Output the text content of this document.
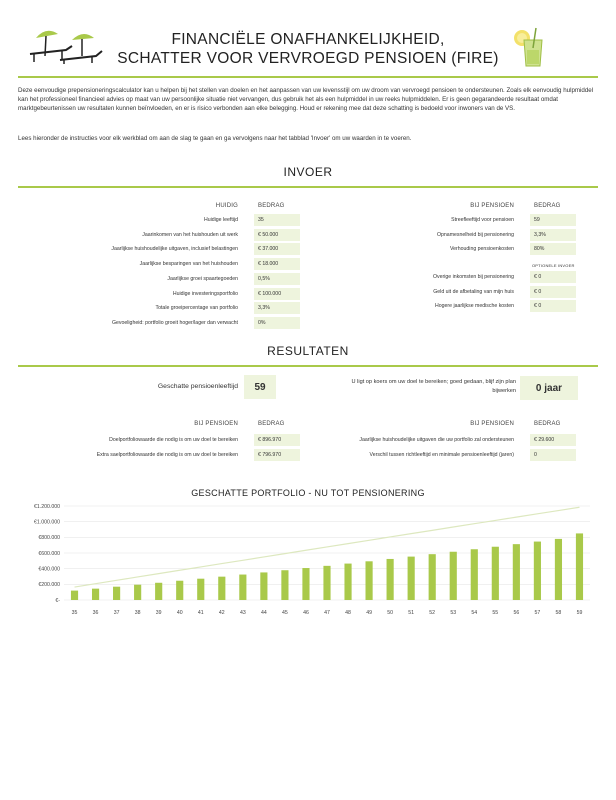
FINANCIËLE ONAFHANKELIJKHEID,
SCHATTER VOOR VERVROEGD PENSIOEN (FIRE)
Deze eenvoudige prepensioneringscalculator kan u helpen bij het stellen van doelen en het aanpassen van uw levensstijl om uw droom van vervroegd pensioen te ondersteunen. Zoals elk eenvoudig hulpmiddel kan het professioneel financieel advies op maat van uw persoonlijke situatie niet vervangen, dus gebruik het als een hulpmiddel in uw reeks hulpmiddelen. Er is geen gegarandeerde resultaat omdat marktgebeurtenissen uw resultaten kunnen beïnvloeden, en er is risico verbonden aan elke belegging. Houd er rekening mee dat deze schatting is bedoeld voor inwoners van de VS.
Lees hieronder de instructies voor elk werkblad om aan de slag te gaan en ga vervolgens naar het tabblad 'Invoer' om uw waarden in te voeren.
INVOER
RESULTATEN
Geschatte pensioenleeftijd	59	U ligt op koers om uw doel te bereiken; goed gedaan, blijf zijn plan bijwerken	0 jaar
GESCHATTE PORTFOLIO - NU TOT PENSIONERING
€-
€200.000
€400.000
€600.000
€800.000
€1.000.000
€1.200.000
35	36	37	38	39	40	41	42	43	44	45	46	47	48	49	50	51	52	53	54	55	56	57	58	59
HUIDIG	BEDRAG
Huidige leeftijd	35
Jaarinkomen van het huishouden uit werk	€ 50.000
Jaarlijkse huishoudelijke uitgaven, inclusief belastingen	€ 37.000
Jaarlijkse besparingen van het huishouden	€ 18.000
Jaarlijkse groei spaartegoeden	0,5%
Huidige investeringsportfolio	€ 100.000
Totale groeipercentage van portfolio	3,3%
Gevoeligheid: portfolio groeit hoger/lager dan verwacht	0%
BIJ PENSIOEN	BEDRAG
Streefleeftijd voor pensioen	59
Opnamesnelheid bij pensionering	3,3%
Verhouding pensioenkosten	80%
OPTIONELE INVOER
Overige inkomsten bij pensionering	€ 0
Geld uit de afbetaling van mijn huis	€ 0
Hogere jaarlijkse medische kosten	€ 0
BIJ PENSIOEN	BEDRAG
Doelportfoliowaarde die nodig is om uw doel te bereiken	€ 896.970
Extra saelportfoliowaarde die nodig is om uw doel te bereiken	€ 796.970
BIJ PENSIOEN	BEDRAG
Jaarlijkse huishoudelijke uitgaven die uw portfolio zal ondersteunen	€ 29.600
Verschil tussen richtleeftijd en minimale pensioenleeftijd (jaren)	0
